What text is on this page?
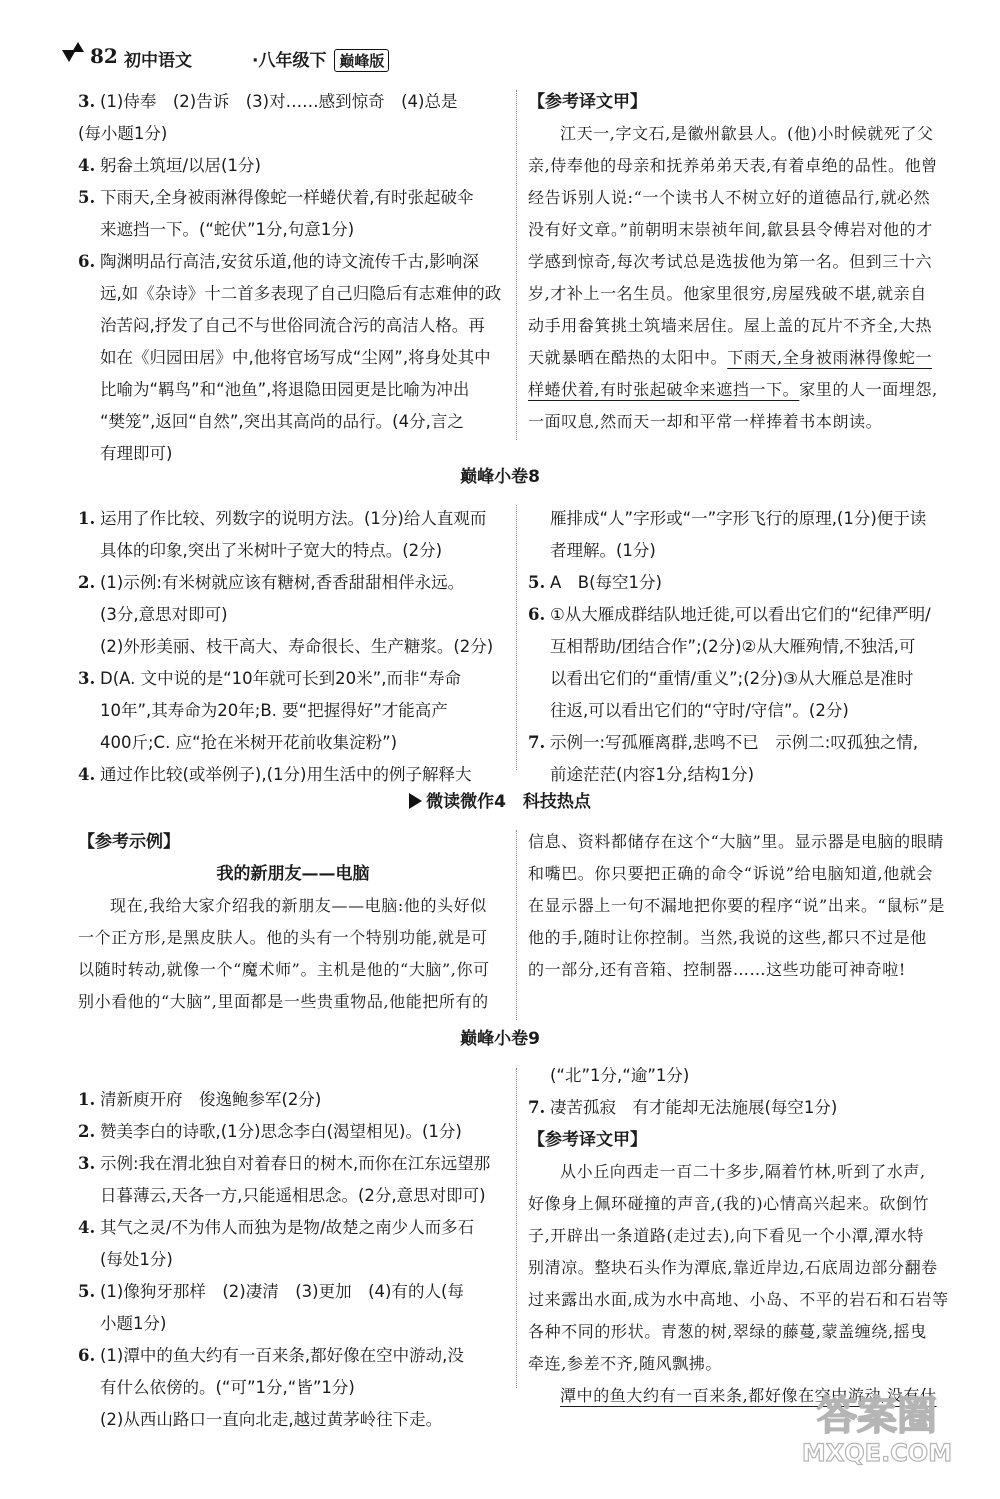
82 初中语文	·八年级下 巅峰版
3. (1)侍奉　(2)告诉　(3)对……感到惊奇　(4)总是
(每小题1分)
4. 躬畚土筑垣/以居(1分)
5. 下雨天,全身被雨淋得像蛇一样蜷伏着,有时张起破伞
来遮挡一下。(“蛇伏”1分,句意1分)
6. 陶渊明品行高洁,安贫乐道,他的诗文流传千古,影响深
远,如《杂诗》十二首多表现了自己归隐后有志难伸的政
治苦闷,抒发了自己不与世俗同流合污的高洁人格。再
如在《归园田居》中,他将官场写成“尘网”,将身处其中
比喻为“羁鸟”和“池鱼”,将退隐田园更是比喻为冲出
“樊笼”,返回“自然”,突出其高尚的品行。(4分,言之
有理即可)
【参考译文甲】
江天一,字文石,是徽州歙县人。(他)小时候就死了父
亲,侍奉他的母亲和抚养弟弟天表,有着卓绝的品性。他曾
经告诉别人说:“一个读书人不树立好的道德品行,就必然
没有好文章。”前朝明末崇祯年间,歙县县令傅岩对他的才
学感到惊奇,每次考试总是选拔他为第一名。但到三十六
岁,才补上一名生员。他家里很穷,房屋残破不堪,就亲自
动手用畚箕挑土筑墙来居住。屋上盖的瓦片不齐全,大热
天就暴晒在酷热的太阳中。下雨天,全身被雨淋得像蛇一
样蜷伏着,有时张起破伞来遮挡一下。家里的人一面埋怨,
一面叹息,然而天一却和平常一样捧着书本朗读。
巅峰小卷8
1. 运用了作比较、列数字的说明方法。(1分)给人直观而
具体的印象,突出了米树叶子宽大的特点。(2分)
2. (1)示例:有米树就应该有糖树,香香甜甜相伴永远。
(3分,意思对即可)
(2)外形美丽、枝干高大、寿命很长、生产糖浆。(2分)
3. D(A. 文中说的是“10年就可长到20米”,而非“寿命
10年”,其寿命为20年;B. 要“把握得好”才能高产
400斤;C. 应“抢在米树开花前收集淀粉”)
4. 通过作比较(或举例子),(1分)用生活中的例子解释大
雁排成“人”字形或“一”字形飞行的原理,(1分)便于读
者理解。(1分)
5. A　B(每空1分)
6. ①从大雁成群结队地迁徙,可以看出它们的“纪律严明/
互相帮助/团结合作”;(2分)②从大雁殉情,不独活,可
以看出它们的“重情/重义”;(2分)③从大雁总是准时
往返,可以看出它们的“守时/守信”。(2分)
7. 示例一:写孤雁离群,悲鸣不已　示例二:叹孤独之情,
前途茫茫(内容1分,结构1分)
微读微作4　科技热点
【参考示例】
我的新朋友——电脑
现在,我给大家介绍我的新朋友——电脑:他的头好似
一个正方形,是黑皮肤人。他的头有一个特别功能,就是可
以随时转动,就像一个“魔术师”。主机是他的“大脑”,你可
别小看他的“大脑”,里面都是一些贵重物品,他能把所有的
信息、资料都储存在这个“大脑”里。显示器是电脑的眼睛
和嘴巴。你只要把正确的命令“诉说”给电脑知道,他就会
在显示器上一句不漏地把你要的程序“说”出来。“鼠标”是
他的手,随时让你控制。当然,我说的这些,都只不过是他
的一部分,还有音箱、控制器……这些功能可神奇啦!
巅峰小卷9
1. 清新庾开府　俊逸鲍参军(2分)
2. 赞美李白的诗歌,(1分)思念李白(渴望相见)。(1分)
3. 示例:我在渭北独自对着春日的树木,而你在江东远望那
日暮薄云,天各一方,只能遥相思念。(2分,意思对即可)
4. 其气之灵/不为伟人而独为是物/故楚之南少人而多石
(每处1分)
5. (1)像狗牙那样　(2)凄清　(3)更加　(4)有的人(每
小题1分)
6. (1)潭中的鱼大约有一百来条,都好像在空中游动,没
有什么依傍的。(“可”1分,“皆”1分)
(2)从西山路口一直向北走,越过黄茅岭往下走。
(“北”1分,“逾”1分)
7. 凄苦孤寂　有才能却无法施展(每空1分)
【参考译文甲】
从小丘向西走一百二十多步,隔着竹林,听到了水声,
好像身上佩环碰撞的声音,(我的)心情高兴起来。砍倒竹
子,开辟出一条道路(走过去),向下看见一个小潭,潭水特
别清凉。整块石头作为潭底,靠近岸边,石底周边部分翻卷
过来露出水面,成为水中高地、小岛、不平的岩石和石岩等
各种不同的形状。青葱的树,翠绿的藤蔓,蒙盖缠绕,摇曳
牵连,参差不齐,随风飘拂。
潭中的鱼大约有一百来条,都好像在空中游动,没有什
答案圈
MXQE.COM
